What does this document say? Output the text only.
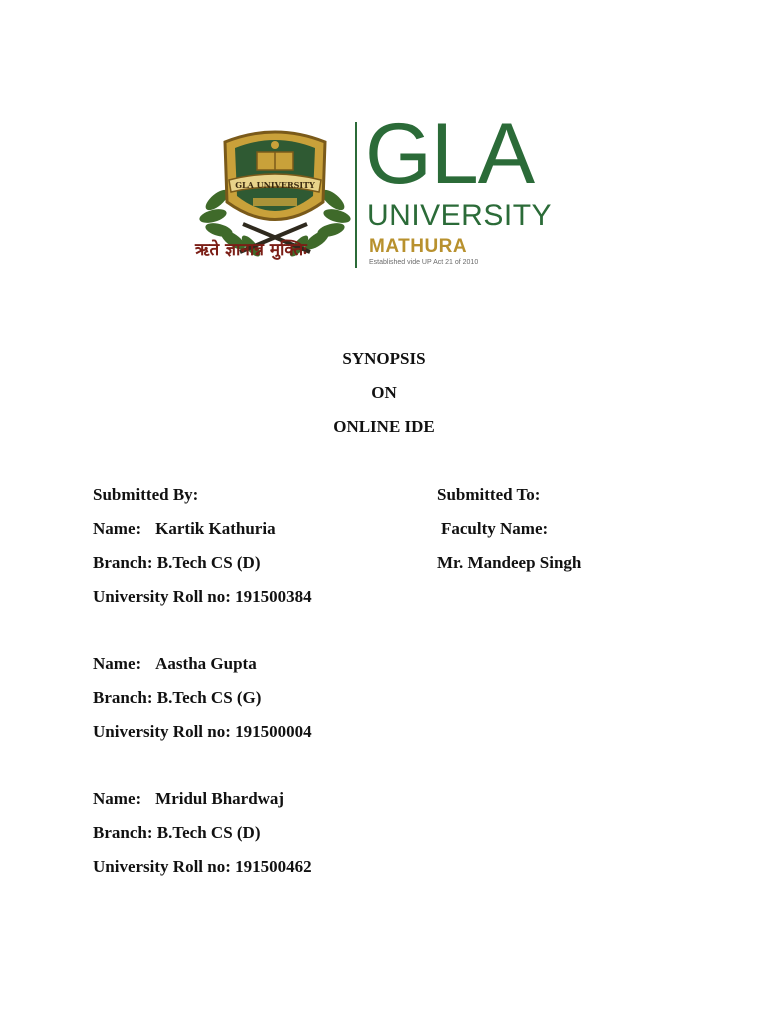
GLA UNIVERSITY GLA
UNIVERSITY
MATHURA
Established vide UP Act 21 of 2010
ऋते ज्ञानान्न मुक्तिः
SYNOPSIS
ON
ONLINE IDE
Submitted By:	Submitted To:
Name: Kartik Kathuria	Faculty Name:
Branch: B.Tech CS (D)	Mr. Mandeep Singh
University Roll no: 191500384
Name: Aastha Gupta
Branch: B.Tech CS (G)
University Roll no: 191500004
Name: Mridul Bhardwaj
Branch: B.Tech CS (D)
University Roll no: 191500462
